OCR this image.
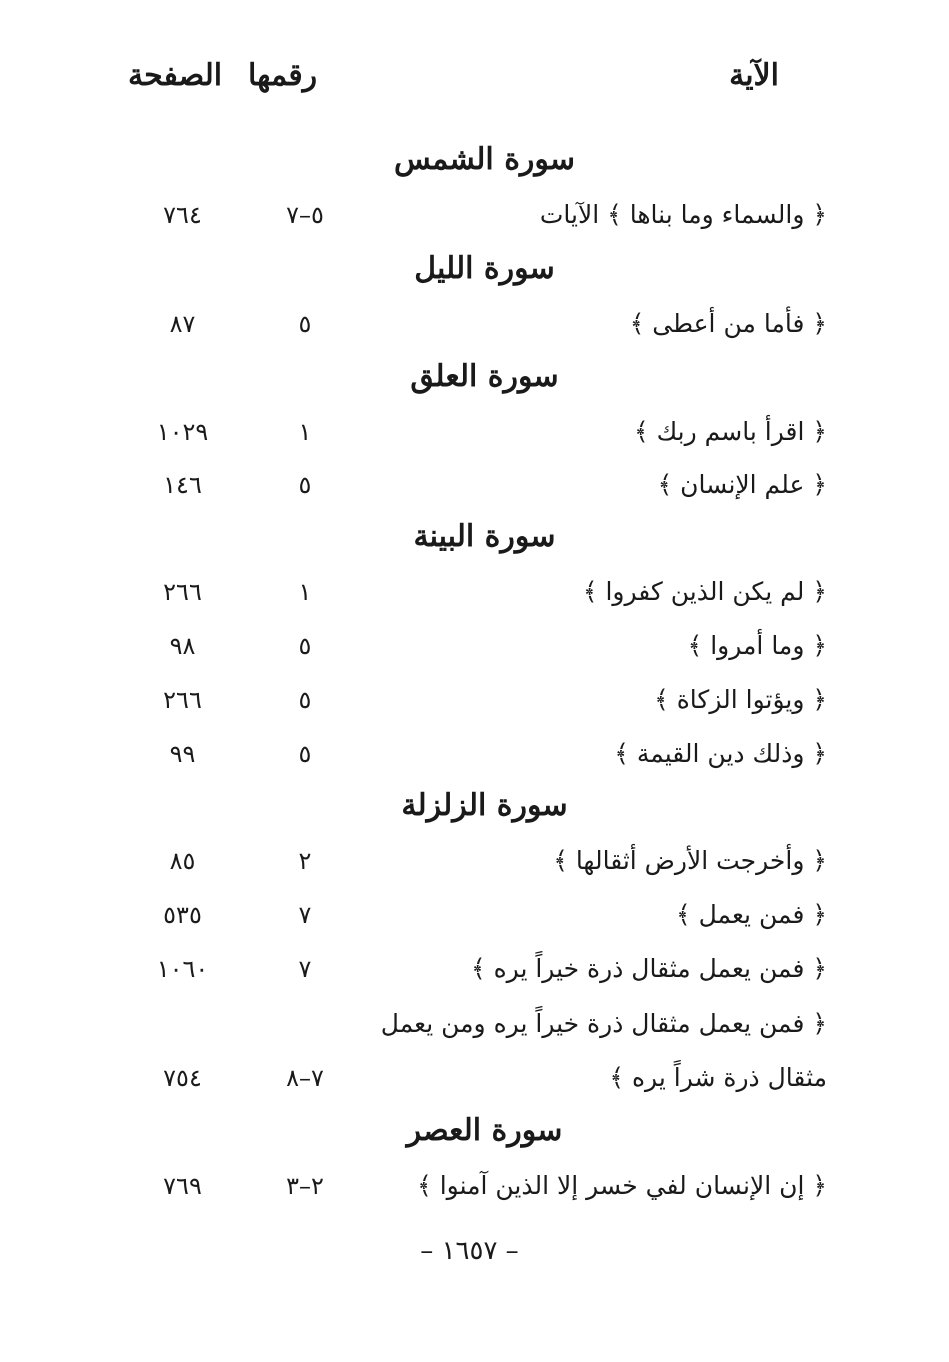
الآية
رقمها
الصفحة
سورة الشمس
﴿ والسماء وما بناها ﴾ الآيات
٥–٧
٧٦٤
سورة الليل
﴿ فأما من أعطى ﴾
٥
٨٧
سورة العلق
﴿ اقرأ باسم ربك ﴾
١
١٠٢٩
﴿ علم الإنسان ﴾
٥
١٤٦
سورة البينة
﴿ لم يكن الذين كفروا ﴾
١
٢٦٦
﴿ وما أمروا ﴾
٥
٩٨
﴿ ويؤتوا الزكاة ﴾
٥
٢٦٦
﴿ وذلك دين القيمة ﴾
٥
٩٩
سورة الزلزلة
﴿ وأخرجت الأرض أثقالها ﴾
٢
٨٥
﴿ فمن يعمل ﴾
٧
٥٣٥
﴿ فمن يعمل مثقال ذرة خيراً يره ﴾
٧
١٠٦٠
﴿ فمن يعمل مثقال ذرة خيراً يره ومن يعمل
مثقال ذرة شراً يره ﴾
٧–٨
٧٥٤
سورة العصر
﴿ إن الإنسان لفي خسر إلا الذين آمنوا ﴾
٢–٣
٧٦٩
– ١٦٥٧ –
